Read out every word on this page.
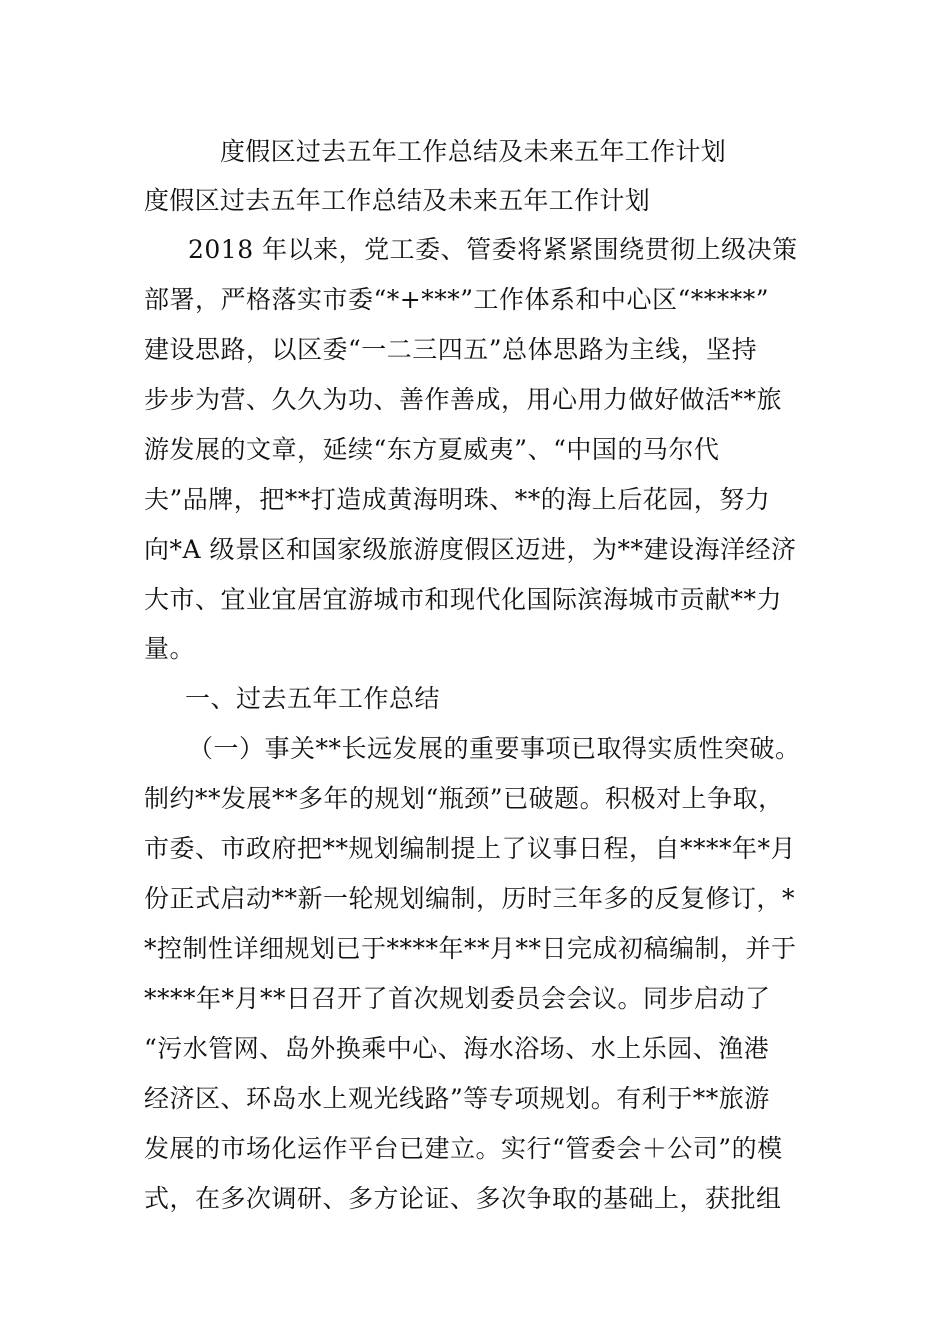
度假区过去五年工作总结及未来五年工作计划
度假区过去五年工作总结及未来五年工作计划
2018 年以来，党工委、管委将紧紧围绕贯彻上级决策
部署，严格落实市委“*+***”工作体系和中心区“*****”
建设思路，以区委“一二三四五”总体思路为主线，坚持
步步为营、久久为功、善作善成，用心用力做好做活**旅
游发展的文章，延续“东方夏威夷”、“中国的马尔代
夫”品牌，把**打造成黄海明珠、**的海上后花园，努力
向*A 级景区和国家级旅游度假区迈进，为**建设海洋经济
大市、宜业宜居宜游城市和现代化国际滨海城市贡献**力
量。
一、过去五年工作总结
（一）事关**长远发展的重要事项已取得实质性突破。
制约**发展**多年的规划“瓶颈”已破题。积极对上争取，
市委、市政府把**规划编制提上了议事日程，自****年*月
份正式启动**新一轮规划编制，历时三年多的反复修订，*
*控制性详细规划已于****年**月**日完成初稿编制，并于
****年*月**日召开了首次规划委员会会议。同步启动了
“污水管网、岛外换乘中心、海水浴场、水上乐园、渔港
经济区、环岛水上观光线路”等专项规划。有利于**旅游
发展的市场化运作平台已建立。实行“管委会＋公司”的模
式，在多次调研、多方论证、多次争取的基础上，获批组
